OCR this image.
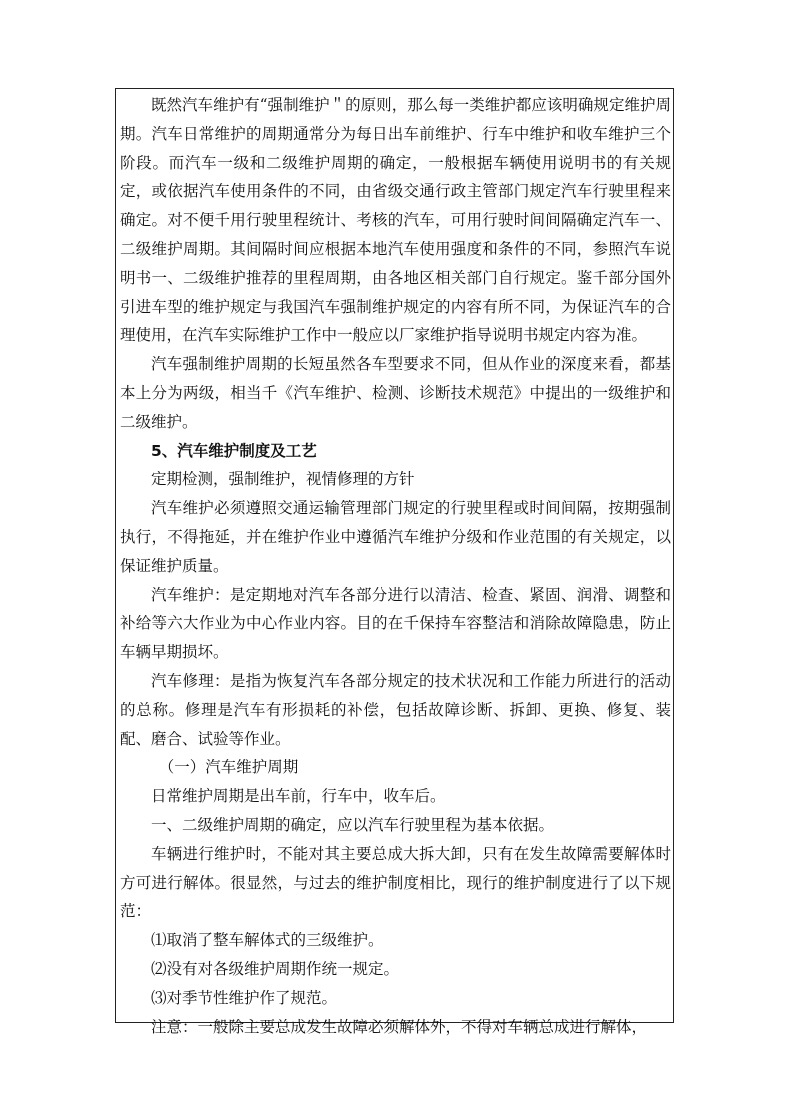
既然汽车维护有“强制维护＂的原则，那么每一类维护都应该明确规定维护周期。汽车日常维护的周期通常分为每日出车前维护、行车中维护和收车维护三个阶段。而汽车一级和二级维护周期的确定，一般根据车辆使用说明书的有关规定，或依据汽车使用条件的不同，由省级交通行政主管部门规定汽车行驶里程来确定。对不便千用行驶里程统计、考核的汽车，可用行驶时间间隔确定汽车一、二级维护周期。其间隔时间应根据本地汽车使用强度和条件的不同，参照汽车说明书一、二级维护推荐的里程周期，由各地区相关部门自行规定。鉴千部分国外引进车型的维护规定与我国汽车强制维护规定的内容有所不同，为保证汽车的合理使用，在汽车实际维护工作中一般应以厂家维护指导说明书规定内容为准。

汽车强制维护周期的长短虽然各车型要求不同，但从作业的深度来看，都基本上分为两级，相当千《汽车维护、检测、诊断技术规范》中提出的一级维护和二级维护。

5、汽车维护制度及工艺

定期检测，强制维护，视情修理的方针

汽车维护必须遵照交通运输管理部门规定的行驶里程或时间间隔，按期强制执行，不得拖延，并在维护作业中遵循汽车维护分级和作业范围的有关规定，以保证维护质量。

汽车维护：是定期地对汽车各部分进行以清洁、检查、紧固、润滑、调整和补给等六大作业为中心作业内容。目的在千保持车容整洁和消除故障隐患，防止车辆早期损坏。

汽车修理：是指为恢复汽车各部分规定的技术状况和工作能力所进行的活动的总称。修理是汽车有形损耗的补偿，包括故障诊断、拆卸、更换、修复、装配、磨合、试验等作业。

（一）汽车维护周期

日常维护周期是出车前，行车中，收车后。

一、二级维护周期的确定，应以汽车行驶里程为基本依据。

车辆进行维护时，不能对其主要总成大拆大卸，只有在发生故障需要解体时方可进行解体。很显然，与过去的维护制度相比，现行的维护制度进行了以下规范：

⑴取消了整车解体式的三级维护。

⑵没有对各级维护周期作统一规定。

⑶对季节性维护作了规范。

注意：一般除主要总成发生故障必须解体外，不得对车辆总成进行解体，
